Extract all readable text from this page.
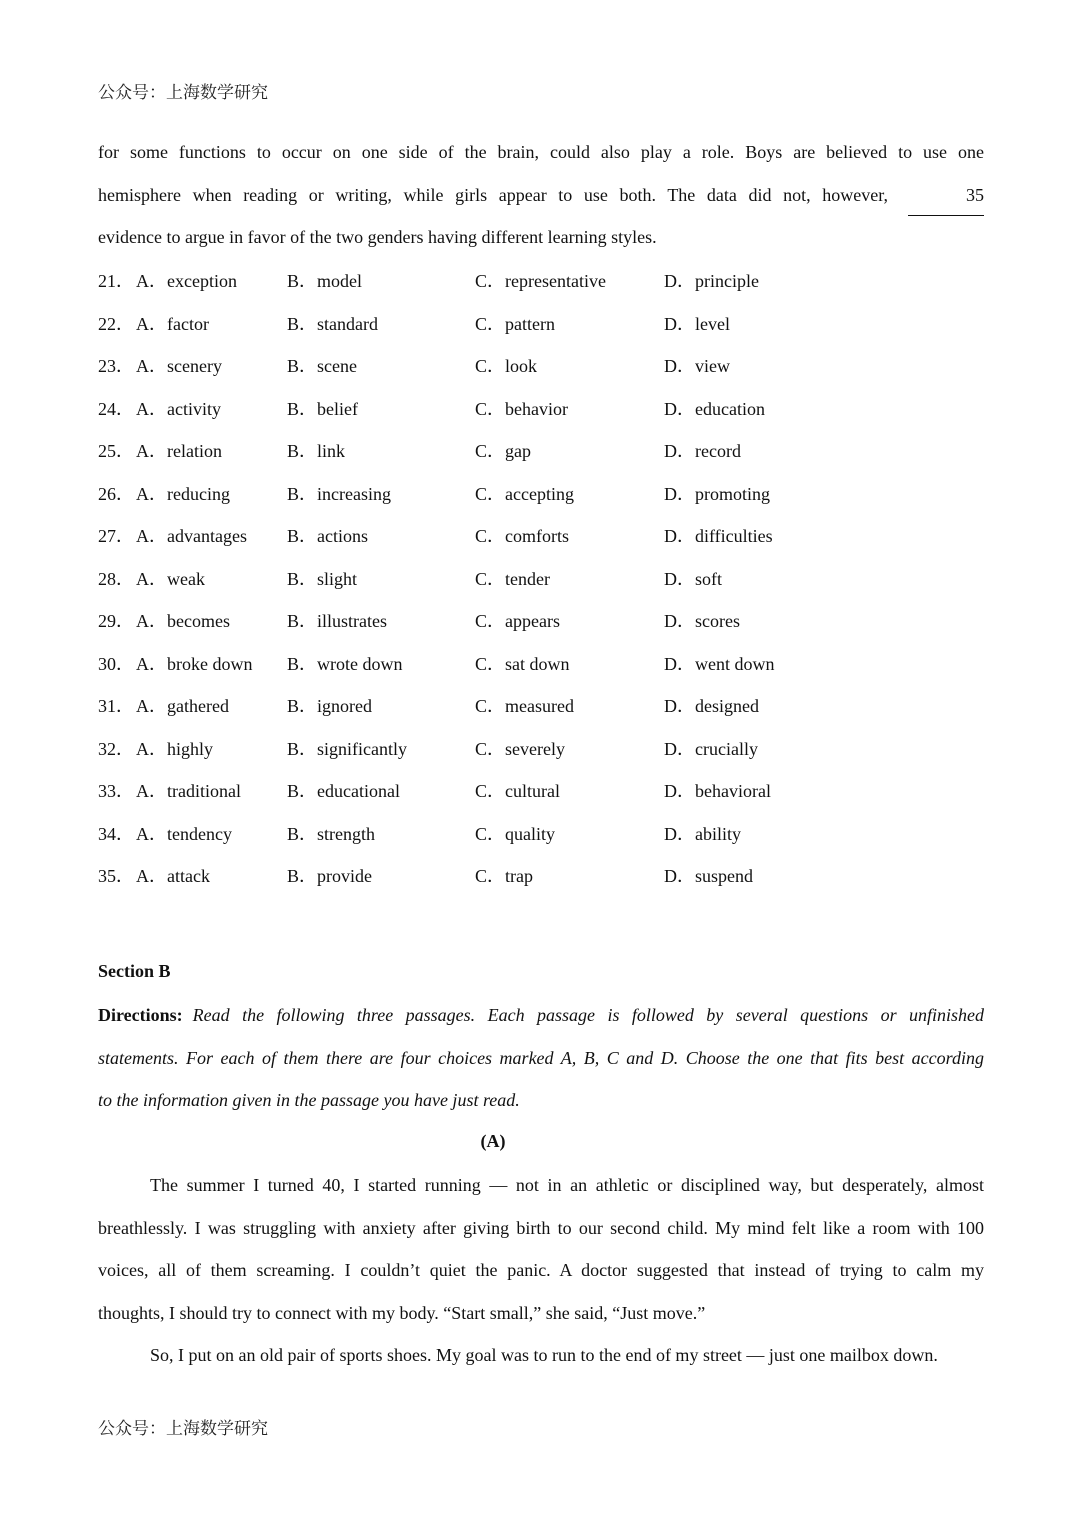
公众号：上海数学研究
for some functions to occur on one side of the brain, could also play a role. Boys are believed to use one
hemisphere when reading or writing, while girls appear to use both. The data did not, however,	35
evidence to argue in favor of the two genders having different learning styles.
21． A．exception	B．model	C．representative	D．principle
22． A．factor	B．standard	C．pattern	D．level
23． A．scenery	B．scene	C．look	D．view
24． A．activity	B．belief	C．behavior	D．education
25． A．relation	B．link	C．gap	D．record
26． A．reducing	B．increasing	C．accepting	D．promoting
27． A．advantages B．actions	C．comforts	D．difficulties
28． A．weak	B．slight	C．tender	D．soft
29． A．becomes	B．illustrates	C．appears	D．scores
30． A．broke down B．wrote down	C．sat down	D．went down
31． A．gathered	B．ignored	C．measured	D．designed
32． A．highly	B．significantly	C．severely	D．crucially
33． A．traditional	B．educational	C．cultural	D．behavioral
34． A．tendency	B．strength	C．quality	D．ability
35． A．attack	B．provide	C．trap	D．suspend
Section B
Directions: Read the following three passages. Each passage is followed by several questions or unfinished
statements. For each of them there are four choices marked A, B, C and D. Choose the one that fits best according
to the information given in the passage you have just read.
(A)
The summer I turned 40, I started running — not in an athletic or disciplined way, but desperately, almost
breathlessly. I was struggling with anxiety after giving birth to our second child. My mind felt like a room with 100
voices, all of them screaming. I couldn’t quiet the panic. A doctor suggested that instead of trying to calm my
thoughts, I should try to connect with my body. “Start small,” she said, “Just move.”
So, I put on an old pair of sports shoes. My goal was to run to the end of my street — just one mailbox down.
公众号：上海数学研究
